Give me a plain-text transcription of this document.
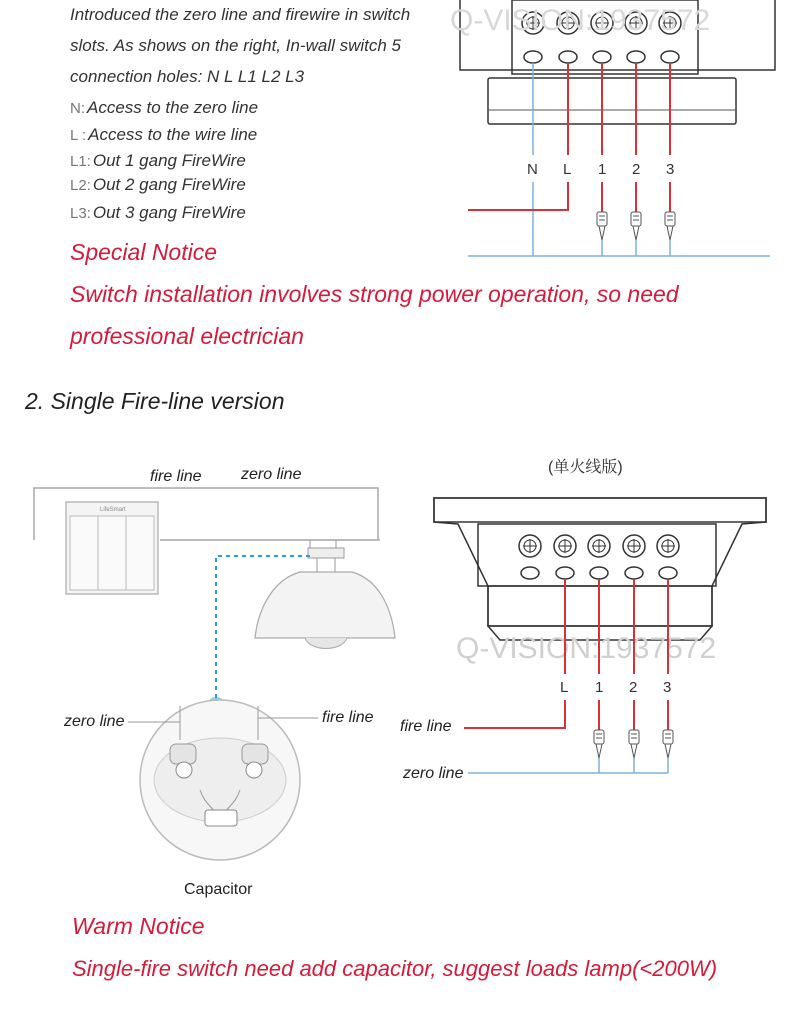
Introduced the zero line and firewire in switch
slots. As shows on the right, In-wall switch 5
connection holes: N L L1 L2 L3
N: Access to the zero line
L : Access to the wire line
L1: Out 1 gang FireWire
L2: Out 2 gang FireWire
L3: Out 3 gang FireWire
Special Notice
Switch installation involves strong power operation, so need
professional electrician
Q-VISION:1937572
Q-VISION:1937572
N L 1 2 3
2. Single Fire-line version
fire line zero line
LifeSmart
zero line	fire line
Capacitor
(单火线版)
L 1 2 3
fire line
zero line
Warm Notice
Single-fire switch need add capacitor, suggest loads lamp(<200W)
